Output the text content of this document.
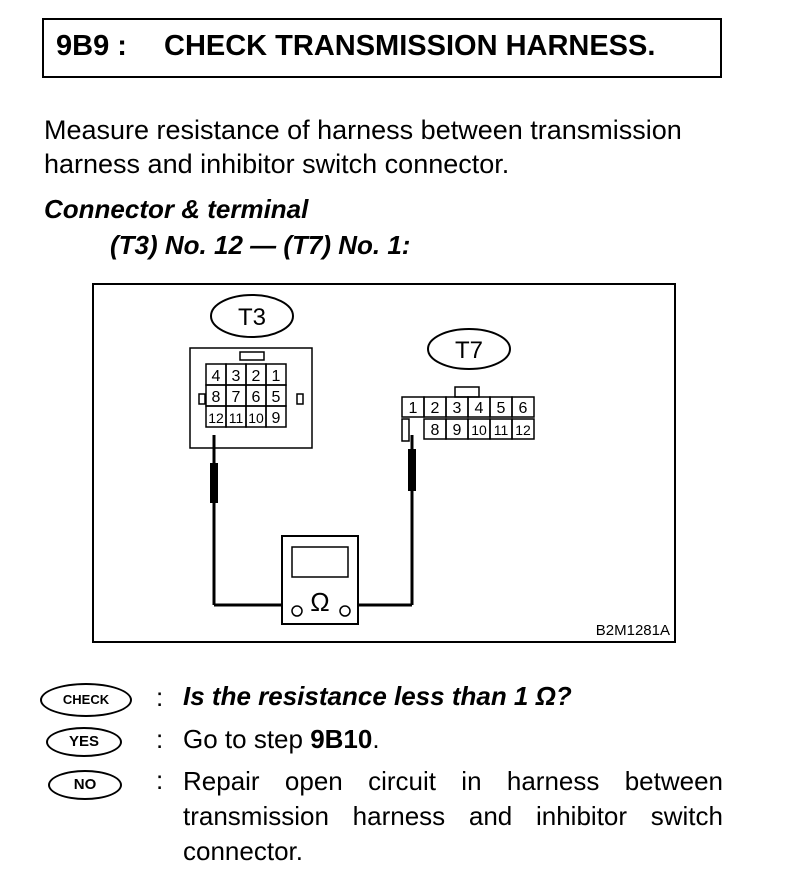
9B9 : CHECK TRANSMISSION HARNESS.
Measure resistance of harness between transmission harness and inhibitor switch connector.
Connector & terminal
(T3) No. 12 — (T7) No. 1:
T3
4 3 2 1
8 7 6 5
12 11 10 9
T7
1 2 3 4 5 6
8 9 10 11 12
Ω
B2M1281A
CHECK	: Is the resistance less than 1 Ω?
YES	: Go to step 9B10.
NO	: Repair open circuit in harness between transmission harness and inhibitor switch connector.
